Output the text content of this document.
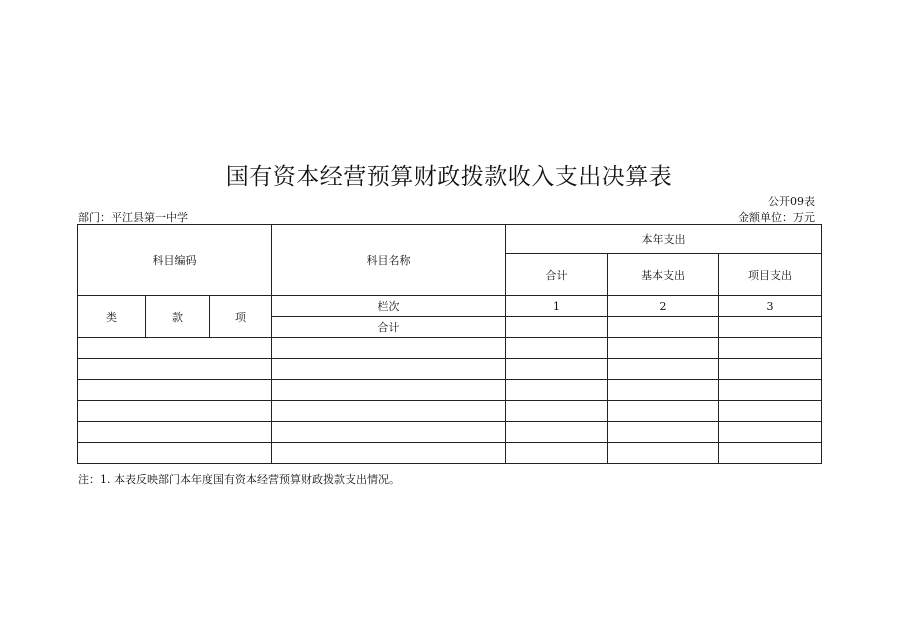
国有资本经营预算财政拨款收入支出决算表
公开09表
部门：平江县第一中学	金额单位：万元
科目编码			科目名称	本年支出		
				合计	基本支出	项目支出
类	款	项	栏次	1	2	3
			合计			

注：1. 本表反映部门本年度国有资本经营预算财政拨款支出情况。
